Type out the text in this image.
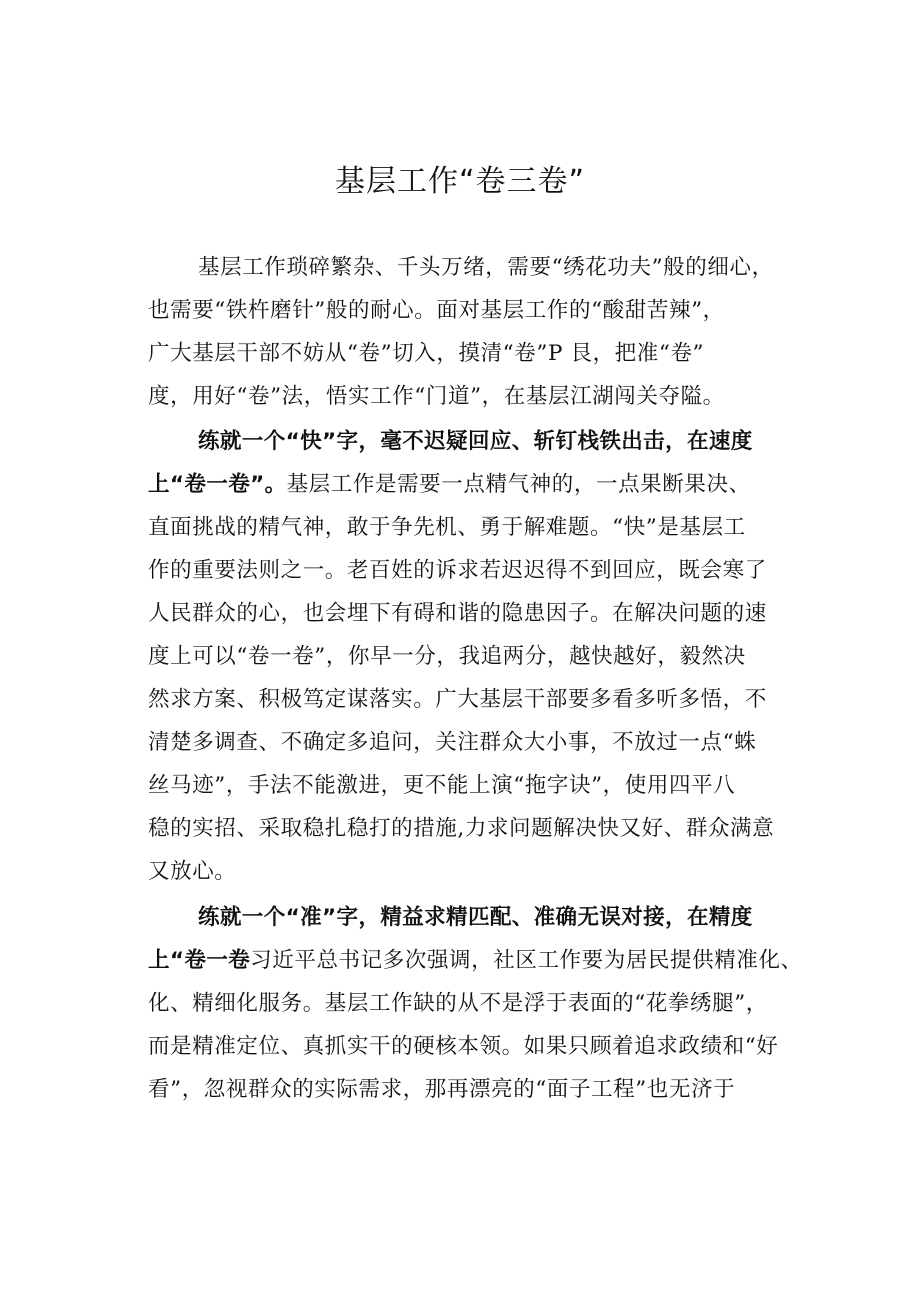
基层工作“卷三卷”
基层工作琐碎繁杂、千头万绪，需要“绣花功夫”般的细心，
也需要“铁杵磨针”般的耐心。面对基层工作的“酸甜苦辣”，
广大基层干部不妨从“卷”切入，摸清“卷”P 艮，把准“卷”
度，用好“卷”法，悟实工作“门道”，在基层江湖闯关夺隘。
练就一个“快”字，毫不迟疑回应、斩钉栈铁出击，在速度
上“卷一卷”。基层工作是需要一点精气神的，一点果断果决、
直面挑战的精气神，敢于争先机、勇于解难题。“快”是基层工
作的重要法则之一。老百姓的诉求若迟迟得不到回应，既会寒了
人民群众的心，也会埋下有碍和谐的隐患因子。在解决问题的速
度上可以“卷一卷”，你早一分，我追两分，越快越好，毅然决
然求方案、积极笃定谋落实。广大基层干部要多看多听多悟，不
清楚多调查、不确定多追问，关注群众大小事，不放过一点“蛛
丝马迹”，手法不能激进，更不能上演“拖字诀”，使用四平八
稳的实招、采取稳扎稳打的措施,力求问题解决快又好、群众满意
又放心。
练就一个“准”字，精益求精匹配、准确无误对接，在精度
上“卷一卷习近平总书记多次强调，社区工作要为居民提供精准化、
化、精细化服务。基层工作缺的从不是浮于表面的“花拳绣腿”，
而是精准定位、真抓实干的硬核本领。如果只顾着追求政绩和“好
看”，忽视群众的实际需求，那再漂亮的“面子工程”也无济于
